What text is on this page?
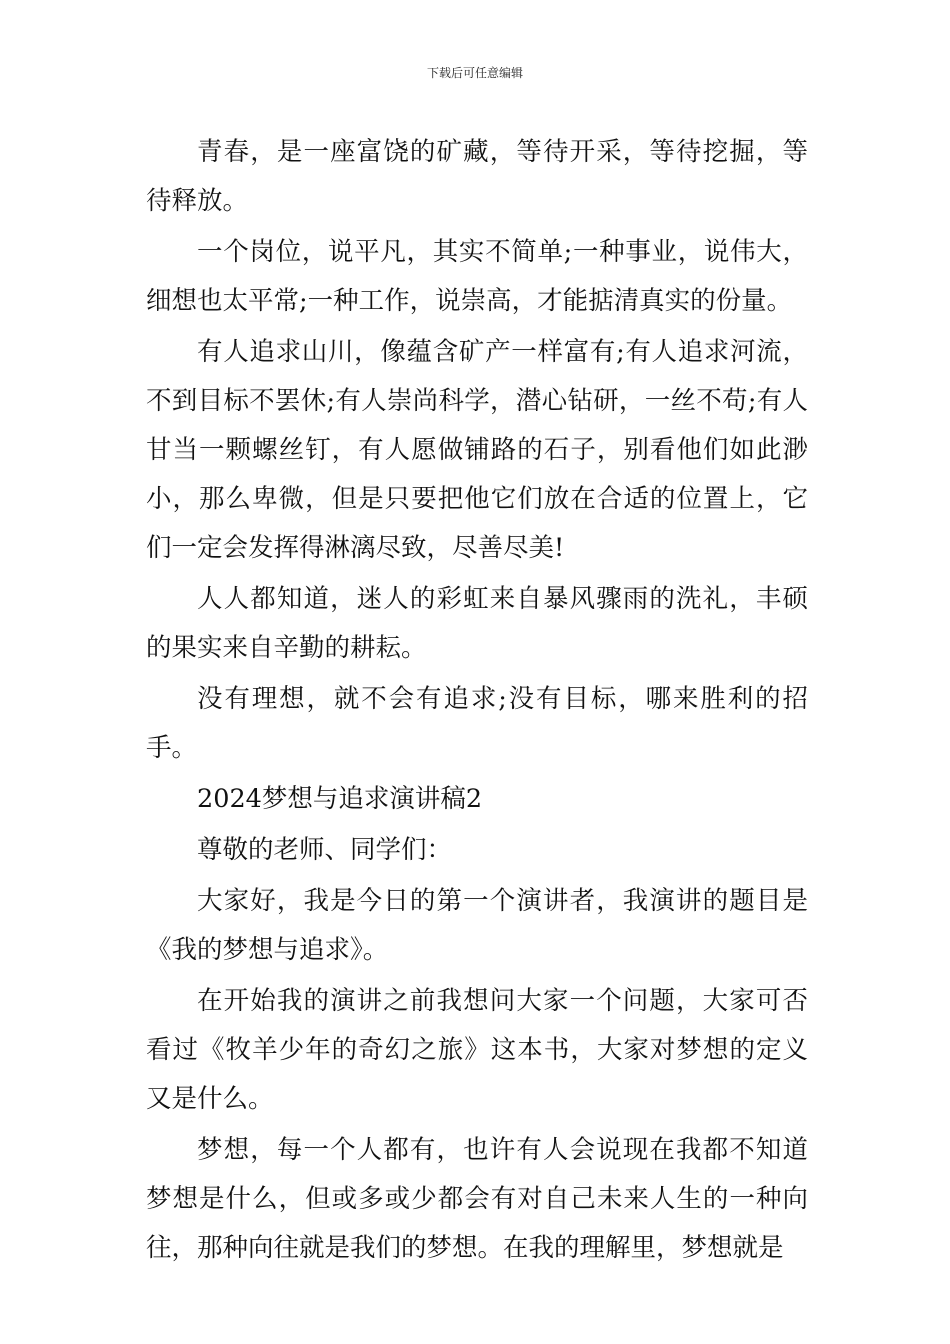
下载后可任意编辑

青春，是一座富饶的矿藏，等待开采，等待挖掘，等待释放。

一个岗位，说平凡，其实不简单;一种事业，说伟大，细想也太平常;一种工作，说崇高，才能掂清真实的份量。

有人追求山川，像蕴含矿产一样富有;有人追求河流，不到目标不罢休;有人崇尚科学，潜心钻研，一丝不苟;有人甘当一颗螺丝钉，有人愿做铺路的石子，别看他们如此渺小，那么卑微，但是只要把他它们放在合适的位置上，它们一定会发挥得淋漓尽致，尽善尽美!

人人都知道，迷人的彩虹来自暴风骤雨的洗礼，丰硕的果实来自辛勤的耕耘。

没有理想，就不会有追求;没有目标，哪来胜利的招手。

2024梦想与追求演讲稿2

尊敬的老师、同学们：

大家好，我是今日的第一个演讲者，我演讲的题目是《我的梦想与追求》。

在开始我的演讲之前我想问大家一个问题，大家可否看过《牧羊少年的奇幻之旅》这本书，大家对梦想的定义又是什么。

梦想，每一个人都有，也许有人会说现在我都不知道梦想是什么，但或多或少都会有对自己未来人生的一种向往，那种向往就是我们的梦想。在我的理解里，梦想就是
